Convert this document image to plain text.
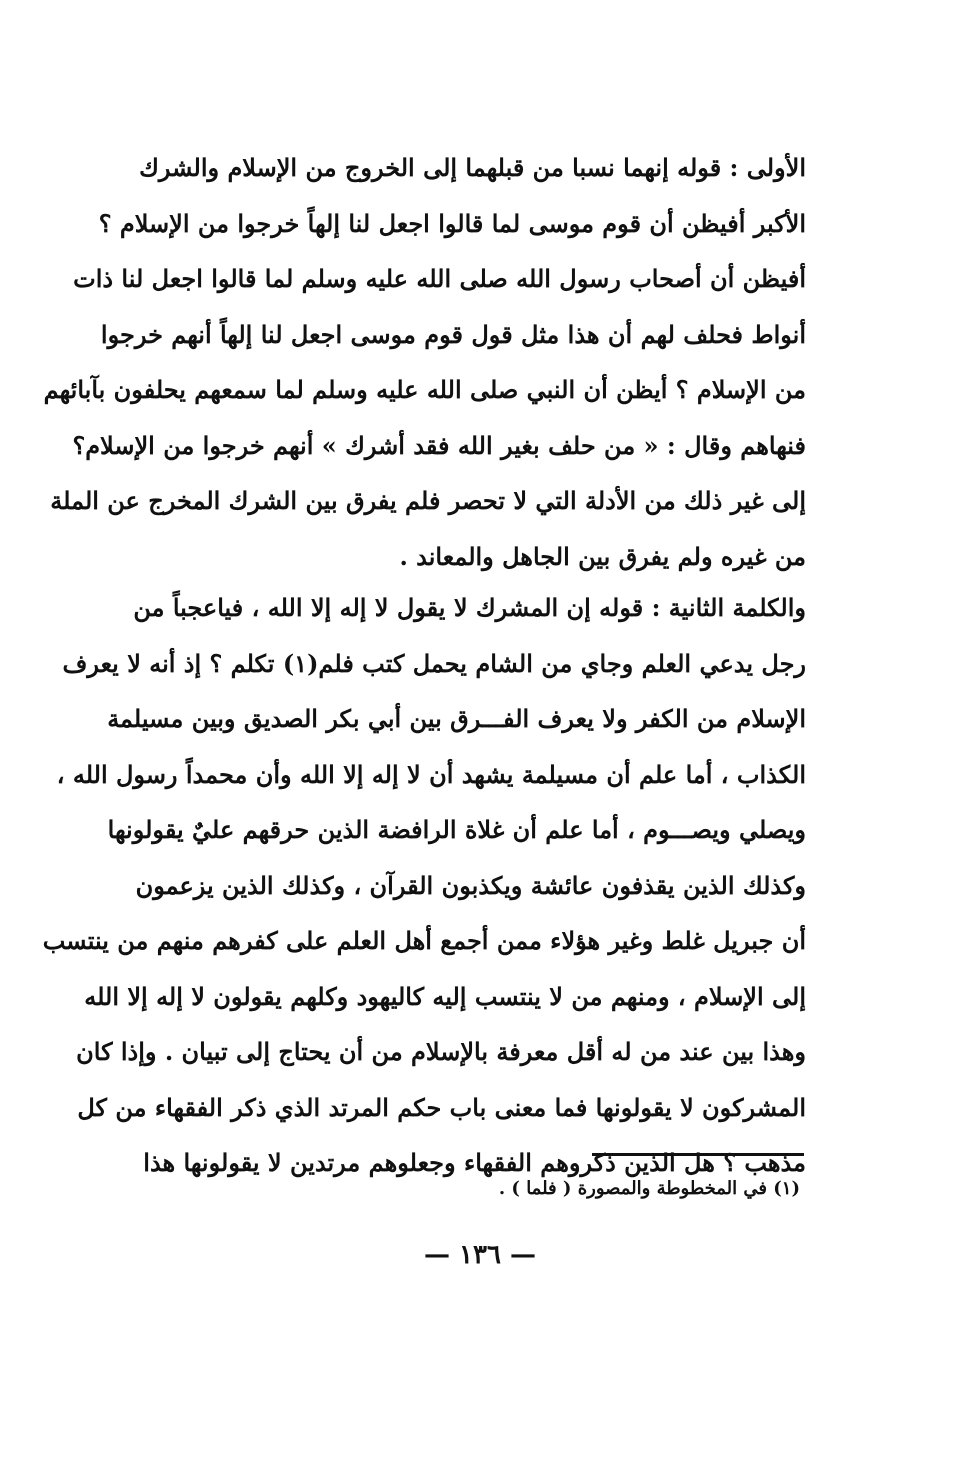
الأولى : قوله إنهما نسبا من قبلهما إلى الخروج من الإسلام والشرك
الأكبر أفيظن أن قوم موسى لما قالوا اجعل لنا إلهاً خرجوا من الإسلام ؟
أفيظن أن أصحاب رسول الله صلى الله عليه وسلم لما قالوا اجعل لنا ذات
أنواط فحلف لهم أن هذا مثل قول قوم موسى اجعل لنا إلهاً أنهم خرجوا
من الإسلام ؟ أيظن أن النبي صلى الله عليه وسلم لما سمعهم يحلفون بآبائهم
فنهاهم وقال : « من حلف بغير الله فقد أشرك » أنهم خرجوا من الإسلام؟
إلى غير ذلك من الأدلة التي لا تحصر فلم يفرق بين الشرك المخرج عن الملة
من غيره ولم يفرق بين الجاهل والمعاند .
والكلمة الثانية : قوله إن المشرك لا يقول لا إله إلا الله ، فياعجباً من
رجل يدعي العلم وجاي من الشام يحمل كتب فلم(١) تكلم ؟ إذ أنه لا يعرف
الإسلام من الكفر ولا يعرف الفـــرق بين أبي بكر الصديق وبين مسيلمة
الكذاب ، أما علم أن مسيلمة يشهد أن لا إله إلا الله وأن محمداً رسول الله ،
ويصلي ويصـــوم ، أما علم أن غلاة الرافضة الذين حرقهم عليٌ يقولونها
وكذلك الذين يقذفون عائشة ويكذبون القرآن ، وكذلك الذين يزعمون
أن جبريل غلط وغير هؤلاء ممن أجمع أهل العلم على كفرهم منهم من ينتسب
إلى الإسلام ، ومنهم من لا ينتسب إليه كاليهود وكلهم يقولون لا إله إلا الله
وهذا بين عند من له أقل معرفة بالإسلام من أن يحتاج إلى تبيان . وإذا كان
المشركون لا يقولونها فما معنى باب حكم المرتد الذي ذكر الفقهاء من كل
مذهب ؟ هل الذين ذكروهم الفقهاء وجعلوهم مرتدين لا يقولونها هذا
(١) في المخطوطة والمصورة ( فلما ) .
— ١٣٦ —
